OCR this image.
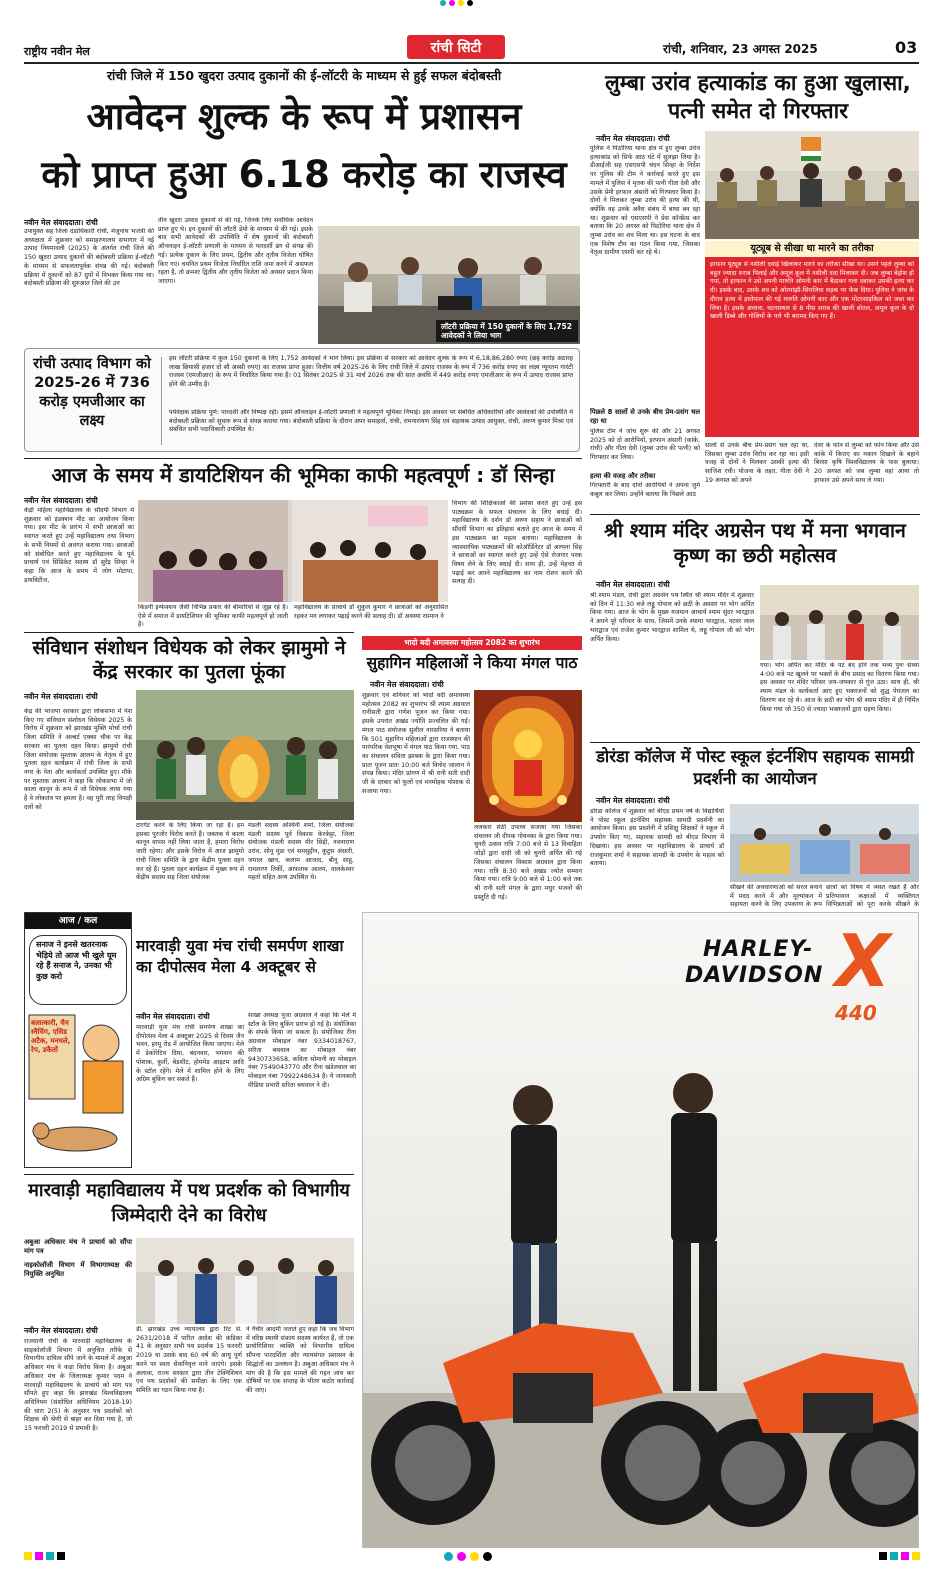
राष्ट्रीय नवीन मेल	रांची सिटी	रांची, शनिवार, 23 अगस्त 2025	03
रांची जिले में 150 खुदरा उत्पाद दुकानों की ई-लॉटरी के माध्यम से हुई सफल बंदोबस्ती
आवेदन शुल्क के रूप में प्रशासन
को प्राप्त हुआ 6.18 करोड़ का राजस्व
नवीन मेल संवाददाता। रांची
उपायुक्त सह जिला दंडाधिकारी रांची, मंजूनाथ भजंत्री की अध्यक्षता में शुक्रवार को समाहरणालय सभागार में नई उत्पाद नियमावली (2025) के अंतर्गत रांची जिले की 150 खुदरा उत्पाद दुकानों की बंदोबस्ती प्रक्रिया ई-लॉटरी के माध्यम से सफलतापूर्वक संपन्न की गई। बंदोबस्ती प्रक्रिया में दुकानों को 87 ग्रुपों में विभक्त किया गया था। बंदोबस्ती प्रक्रिया की शुरुआत जिले की उन
तीन खुदरा उत्पाद दुकानों से की गई, जिनके लिए सर्वाधिक आवेदन प्राप्त हुए थे। इन दुकानों की लॉटरी डेमो के माध्यम से की गई। इसके बाद सभी आवेदकों की उपस्थिति में शेष दुकानों की बंदोबस्ती ऑनलाइन ई-लॉटरी प्रणाली के माध्यम से पारदर्शी ढंग से संपन्न की गई। प्रत्येक दुकान के लिए प्रथम, द्वितीय और तृतीय विजेता घोषित किए गए। चयनित प्रथम विजेता निर्धारित राशि जमा करने में असफल रहता है, तो क्रमशः द्वितीय और तृतीय विजेता को अवसर प्रदान किया जाएगा।
लॉटरी प्रक्रिया में 150 दुकानों के लिए 1,752 आवेदकों ने लिया भाग
रांची उत्पाद विभाग को 2025-26 में 736 करोड़ एमजीआर का लक्ष्य
इस लॉटरी प्रक्रिया में कुल 150 दुकानों के लिए 1,752 आवेदकों ने भाग लिया। इस प्रक्रिया से सरकार को आवेदन शुल्क के रूप में 6,18,86,280 रुपए (छह करोड़ अठारह लाख छियासी हजार दो सौ अस्सी रुपए) का राजस्व प्राप्त हुआ। वित्तीय वर्ष 2025-26 के लिए रांची जिले में उत्पाद राजस्व के रूप में 736 करोड़ रुपए का लक्ष्य न्यूनतम गारंटी राजस्व (एमजीआर) के रूप में निर्धारित किया गया है। 01 सितंबर 2025 से 31 मार्च 2026 तक की सात अवधि में 449 करोड़ रुपए एमजीआर के रूप में उत्पाद राजस्व प्राप्त होने की उम्मीद है।
पर्यवेक्षक प्रक्रिया पूर्ण: पारदर्शी और निष्पक्ष रही। इसमें ऑनलाइन ई-लॉटरी प्रणाली ने महत्वपूर्ण भूमिका निभाई। इस अवसर पर संबंधित अधिकारियों और आवेदकों की उपस्थिति में बंदोबस्ती प्रक्रिया को सुचारु रूप से संपन्न कराया गया। बंदोबस्ती प्रक्रिया के दौरान अपर समाहर्ता, रांची, रामनारायण सिंह एवं सहायक उत्पाद आयुक्त, रांची, अरुण कुमार मिश्रा एवं संबंधित सभी पदाधिकारी उपस्थित थे।
लुम्बा उरांव हत्याकांड का हुआ खुलासा, पत्नी समेत दो गिरफ्तार
नवीन मेल संवाददाता। रांची
पुलिस ने पिठोरिया थाना क्षेत्र में हुए लुम्बा उरांव हत्याकांड को सिर्फ आठ घंटे में सुलझा लिया है। डीआईजी सह एसएसपी चंदन सिन्हा के निर्देश पर पुलिस की टीम ने कार्रवाई करते हुए इस मामले में पुलिस ने मृतक की पत्नी गीता देवी और उसके प्रेमी इरफान अंसारी को गिरफ्तार किया है। दोनों ने मिलकर लुम्बा उरांव की हत्या की थी, क्योंकि वह उनके अवैध संबंध में बाधा बन रहा था। शुक्रवार को एसएसपी ने प्रेस कॉन्फ्रेंस कर बताया कि 20 अगस्त को पिठोरिया थाना क्षेत्र में लुम्बा उरांव का शव मिला था। इस घटना के बाद एक विशेष टीम का गठन किया गया, जिसका नेतृत्व ग्रामीण एसपी कर रहे थे।
पिछले 8 सालों से उनके बीच प्रेम-प्रसंग चल रहा था
पुलिस टीम ने जांच शुरू की और 21 अगस्त 2025 को दो आरोपियों, इरफान अंसारी (कांके, रांची) और गीता देवी (लुम्बा उरांव की पत्नी) को गिरफ्तार कर लिया।
हत्या की वजह और तरीका
गिरफ्तारी के बाद दोनों आरोपियों ने अपना जुर्म कबूल कर लिया। उन्होंने बताया कि पिछले आठ
यूट्यूब से सीखा था मारने का तरीका
इरफान यूट्यूब से नशीली दवाई खिलाकर मारने का तरीका सीखा था। उसने पहले लुम्बा को बहुत ज्यादा शराब पिलाई और अमूल कूल में नशीली दवा मिलाकर दी। जब लुम्बा बेहोश हो गया, तो इरफान ने उसे अपनी मारुति ओमनी कार में बैठाकर गला दबाकर उसकी हत्या कर दी। इसके बाद, उसके शव को ओरमांझी-सिमलिया सड़क पर फेंक दिया। पुलिस ने जांच के दौरान हत्या में इस्तेमाल की गई मारुति ओमनी कार और एक मोटरसाइकिल को जब्त कर लिया है। इसके अलावा, घटनास्थल से 8 पीस शराब की खाली बोतल, अमूल कूल के दो खाली डिब्बे और गोलियों के पत्ते भी बरामद किए गए हैं।
सालों से उनके बीच प्रेम-प्रसंग चल रहा था, जिसका लुम्बा उरांव विरोध कर रहा था। इसी वजह से दोनों ने मिलकर उसकी हत्या की साजिश रची। योजना के तहत, गीता देवी ने 19 अगस्त को अपने
देवर के फोन से लुम्बा को फोन किया और उसे कांके में किराए का मकान दिखाने के बहाने बिरसा कृषि विश्वविद्यालय के पास बुलाया। 20 अगस्त को जब लुम्बा वहां आया तो इरफान उसे अपने साथ ले गया।
आज के समय में डायटिशियन की भूमिका काफी महत्वपूर्ण : डॉ सिन्हा
नवीन मेल संवाददाता। रांची
केंद्री महिला महाविद्यालय के सौंदर्यी विभाग में शुक्रवार को इंडक्शन मीट का आयोजन किया गया। इस मीट के प्रारंभ में सभी छात्राओं का स्वागत करते हुए उन्हें महाविद्यालय तथा विभाग के सभी नियमों से अवगत कराया गया। छात्राओं को संबोधित करते हुए महाविद्यालय के पूर्व प्राचार्य एवं सिंडिकेट सदस्य डॉ सुरेंद्र सिन्हा ने कहा कि आज के समय में लोग मोटापा, डायबिटीज,
किडनी इन्फेक्शन जैसी विभिन्न प्रकार की बीमारियों से जूझ रहे हैं। ऐसे में समाज में डायटिशियन की भूमिका काफी महत्वपूर्ण हो जाती है।
महाविद्यालय के प्राचार्य डॉ शुकुल कुमार ने छात्राओं को अनुशासित रहकर मन लगाकर पढ़ाई करने की सलाह दी। डॉ अवस्या रसमान ने
विभाग की शिक्षिकाओं की प्रशंसा करते हुए उन्हें इस पाठ्यक्रम के सफल संचालन के लिए बधाई दी। महाविद्यालय के दर्शन डॉ अरुण सहाय ने छात्राओं को सौंदर्यी विभाग का इतिहास बताते हुए आज के समय में इस पाठ्यक्रम का महत्व बताया। महाविद्यालय के व्यावसायिक पाठ्यक्रमों की कोऑर्डिनेटर डॉ अल्पना सिंह ने छात्राओं का स्वागत करते हुए उन्हें ऐसे रोजगार परक विषय लेने के लिए बधाई दी। साथ ही, उन्हें मेहनत से पढ़ाई कर अपने महाविद्यालय का नाम रोशन करने की सलाह दी।
संविधान संशोधन विधेयक को लेकर झामुमो ने केंद्र सरकार का पुतला फूंका
नवीन मेल संवाददाता। रांची
केंद्र की भाजपा सरकार द्वारा लोकसभा में पेश किए गए संविधान संशोधन विधेयक 2025 के विरोध में शुक्रवार को झारखंड मुक्ति मोर्चा रांची जिला समिति ने अल्बर्ट एक्का चौक पर केंद्र सरकार का पुतला दहन किया। झामुमो रांची जिला संयोजक मुश्ताक आलम के नेतृत्व में हुए पुतला दहन कार्यक्रम में रांची जिला के सभी नगर के नेता और कार्यकर्ता उपस्थित हुए। मौके पर मुश्ताक आलम ने कहा कि लोकसभा में जो काला कानून के रूप में जो विधेयक लाया गया है वे लोकतंत्र पर हमला है। वह पूरी तरह विपक्षी दलों को
टारगेट करने के लिए किया जा रहा है। हम इसका पुरजोर विरोध करते हैं। जबतक ये काला कानून वापस नहीं लिया जाता है, हमारा विरोध जारी रहेगा। और इसके विरोध में आज झामुमो रांची जिला समिति के द्वारा केंद्रीय पुतला दहन कर रहे हैं। पुतला दहन कार्यक्रम में मुख्य रूप से केंद्रीय सदस्य सह जिला संयोजक
मंडली सदस्य अश्विनी शर्मा, जिला संयोजक मंडली सदस्य पूर्व विकास केरकेट्टा, जिला संयोजक मंडली सदस्य मीर सिद्दी, नवनाराण उरांव, सोनू मुंडा एवं समसुद्दीन, कुटुस अंसारी, जमाल खान, कलाम आजाद, बीनू साहू, रामशरण तिर्की, आफताब आलम, वालकेश्वर महतो सहित अन्य उपस्थित थे।
भादो बदी अमावस्या महोत्सव 2082 का शुभारंभ
सुहागिन महिलाओं ने किया मंगल पाठ
नवीन मेल संवाददाता। रांची
शुक्रवार एवं शनिवार को भादो वदी अमावस्या महोत्सव 2082 का शुभारंभ श्री श्याम अग्रवाल रानीसती द्वारा गणेश पूजन कर किया गया। इसके उपरांत अखंड ज्योति प्रज्वलित की गई। मंगल पाठ संयोजक सुशील नारसरिया ने बताया कि 501 सुहागिन महिलाओं द्वारा राजस्थान की पारंपरिक वेशभूषा में मंगल पाठ किया गया, पाठ का संचालन सविता झाबक के द्वारा किया गया। प्रातः पूजन प्रातः 10:00 बजे विनोद जालान ने संपन्न किया। मंदिर प्रांगण में श्री रानी सती दादी जी के दरबार को फूलों एवं मनमोहक पोशाक से सजाया गया।
ललकार सेठी उपाध्य सजाया गया जिसका संचालन जी दीपक गोयनका के द्वारा किया गया। चुनरी उत्सव रात्रि 7:00 बजे से 13 विवाहिता जोड़ों द्वारा दादी जी को चुनरी अर्पित की गई जिसका संचालन विकास अग्रवाल द्वारा किया गया। रात्रि 8:30 बजे अखंड ज्योत सम्मान किया गया। रात्रि 9:00 बजे से 1:00 बजे तक श्री रानी सती मंगल के द्वारा मधुर भजनों की प्रस्तुति दी गई।
श्री श्याम मंदिर अग्रसेन पथ में मना भगवान कृष्ण का छठी महोत्सव
नवीन मेल संवाददाता। रांची
श्री श्याम मंडल, रांची द्वारा अग्रसेन पथ स्थित श्री श्याम मंदिर में शुक्रवार को दिन में 11:30 बजे लड्डू गोपाल को छठी के अवसर पर भोग अर्पित किया गया। आज के भोग के मुख्य यजमान आचार्य श्याम सुंदर भारद्वाज ने अपने पूरे परिवार के साथ, जिसमें उनके श्यामा भारद्वाज, नटवर लाल भारद्वाज एवं राजेश कुमार भारद्वाज शामिल थे, लड्डू गोपाल जी को भोग अर्पित किया।
गया। भोग अर्पित कर मंदिर के पट बंद होने तक भव्य पुनः संध्या 4:00 बजे पट खुलने पर भक्तों के बीच प्रसाद का वितरण किया गया। इस अवसर पर मंदिर परिसर जय-जयकार से गूंज उठा। साथ ही, श्री श्याम मंडल के कार्यकर्ता आए हुए भक्तजनों को शुद्ध पेयजल का वितरण कर रहे थे। आज के छठी का भोग श्री श्याम मंदिर में ही निर्मित किया गया जो 350 से ज्यादा भक्तजनों द्वारा ग्रहण किया।
डोरंडा कॉलेज में पोस्ट स्कूल इंटर्नशिप सहायक सामग्री प्रदर्शनी का आयोजन
नवीन मेल संवाददाता। रांची
डोरंडा कॉलेज में शुक्रवार को बीएड प्रथम वर्ष के विद्यार्थियों ने पोस्ट स्कूल इंटर्नशिप सहायक सामग्री प्रदर्शनी का आयोजन किया। इस प्रदर्शनी में प्रशिक्षु शिक्षकों ने स्कूल में उपयोग किए गए, सहायक सामग्री को बीएड विभाग में दिखाया। इस अवसर पर महाविद्यालय के प्राचार्य डॉ राजकुमार शर्मा ने सहायक सामग्री के उपयोग के महत्व को बताया।
सीखने की अवधारणाओं को सरल बनाने में मदद करने में और मूल्यांकन में सहायता करने के लिए उपकरण के रूप
छात्रों को विषय में व्यस्त रखते हैं और प्रतिभावान कक्षाओं में व्यक्तिगत विभिन्नताओं को पूरा करके सीखने के
आज / कल
सनाज ने इनसे खतरनाक भेड़िये तो आज भी खुले घूम रहे हैं सनाज ने, उनका भी कुछ करो
बलात्कारी, चैन स्नैचिंग, एसिड अटैक, मनचले, रेप, डकैतों
मारवाड़ी युवा मंच रांची समर्पण शाखा का दीपोत्सव मेला 4 अक्टूबर से
नवीन मेल संवाददाता। रांची
मारवाड़ी युवा मंच रांची समर्पण शाखा का दीपोत्सव मेला 4 अक्टूबर 2025 से दिवस जैन भवन, हरमू रोड में आयोजित किया जाएगा। मेले में डेकोरेटिव दिया, बंदनवार, भगवान की पोशाक, कुर्ती, बेडशीट, होममेड आइटम आदि के स्टॉल रहेंगे। मेले में शामिल होने के लिए अग्रिम बुकिंग कर सकते हैं।
साखा अध्यक्ष पूजा अग्रवाल ने कहा कि मेले में स्टॉल के लिए बुकिंग प्रारंभ हो गई है। संयोजिका के संपर्क किया जा सकता है। संयोजिका रीना अग्रवाल मोबाइल नंबर 9334018767, सरिता बथवाल का मोबाइल नंबर 9430733658, कविता सोमानी का मोबाइल नंबर 7549043770 और रीना खंडेलवाल का मोबाइल नंबर 7992248634 है। ये जानकारी मीडिया प्रभारी सरिता बथवाल ने दी।
मारवाड़ी महाविद्यालय में पथ प्रदर्शक को विभागीय जिम्मेदारी देने का विरोध
अबुआ अधिकार मंच ने प्राचार्य को सौंपा मांग पत्र
नाइकोलॉजी विभाग में विभागाध्यक्ष की नियुक्ति अनुचित
नवीन मेल संवाददाता। रांची
राजधानी रांची के मारवाड़ी महाविद्यालय के साइकोलॉजी विभाग में अनुचित तरीके से विभागीय दायित्व सौंपे जाने के मामले में अबुआ अधिकार मंच ने कड़ा विरोध किया है। अबुआ अधिकार मंच के जिलाध्यक्ष कुमार पदम ने मारवाड़ी महाविद्यालय के प्राचार्य को मांग पत्र सौंपते हुए कहा कि झारखंड विश्वविद्यालय अधिनियम (संशोधित अधिनियम 2018-19) की धारा 2(5) के अनुसार पथ प्रदर्शकों को शिक्षक की श्रेणी से बाहर कर दिया गया है, जो 15 फरवरी 2019 से प्रभावी है।
डी, झारखंड उच्च न्यायालय द्वारा रिट सं. 2631/2018 में पारित आदेश की कंडिका 41 के अनुसार सभी पथ प्रदर्शक 15 फरवरी 2019 या उसके बाद 60 वर्ष की आयु पूर्ण करने पर स्वतः सेवानिवृत्त माने जाएंगे। इसके अलावा, राज्य सरकार द्वारा तीन टेक्निशियन एवं पथ प्रदर्शकों की समीक्षा के लिए एक समिति का गठन किया गया है।
ने नैचीर आदमी जताते हुए कहा कि जब विभाग में वरिष्ठ स्थायी संकाय सदस्य कार्यरत हैं, तो एक प्रायोगिशियर व्यक्ति को विभागीय दायित्व सौंपना पारदर्शिता और न्यायसंगत प्रशासन के सिद्धांतों का उल्लंघन है। अबुआ अधिकार मंच ने मांग की है कि इस मामले की गहन जांच कर दोषियों पर एक सप्ताह के भीतर कठोर कार्रवाई की जाए।
HARLEY-
DAVIDSON X
440
